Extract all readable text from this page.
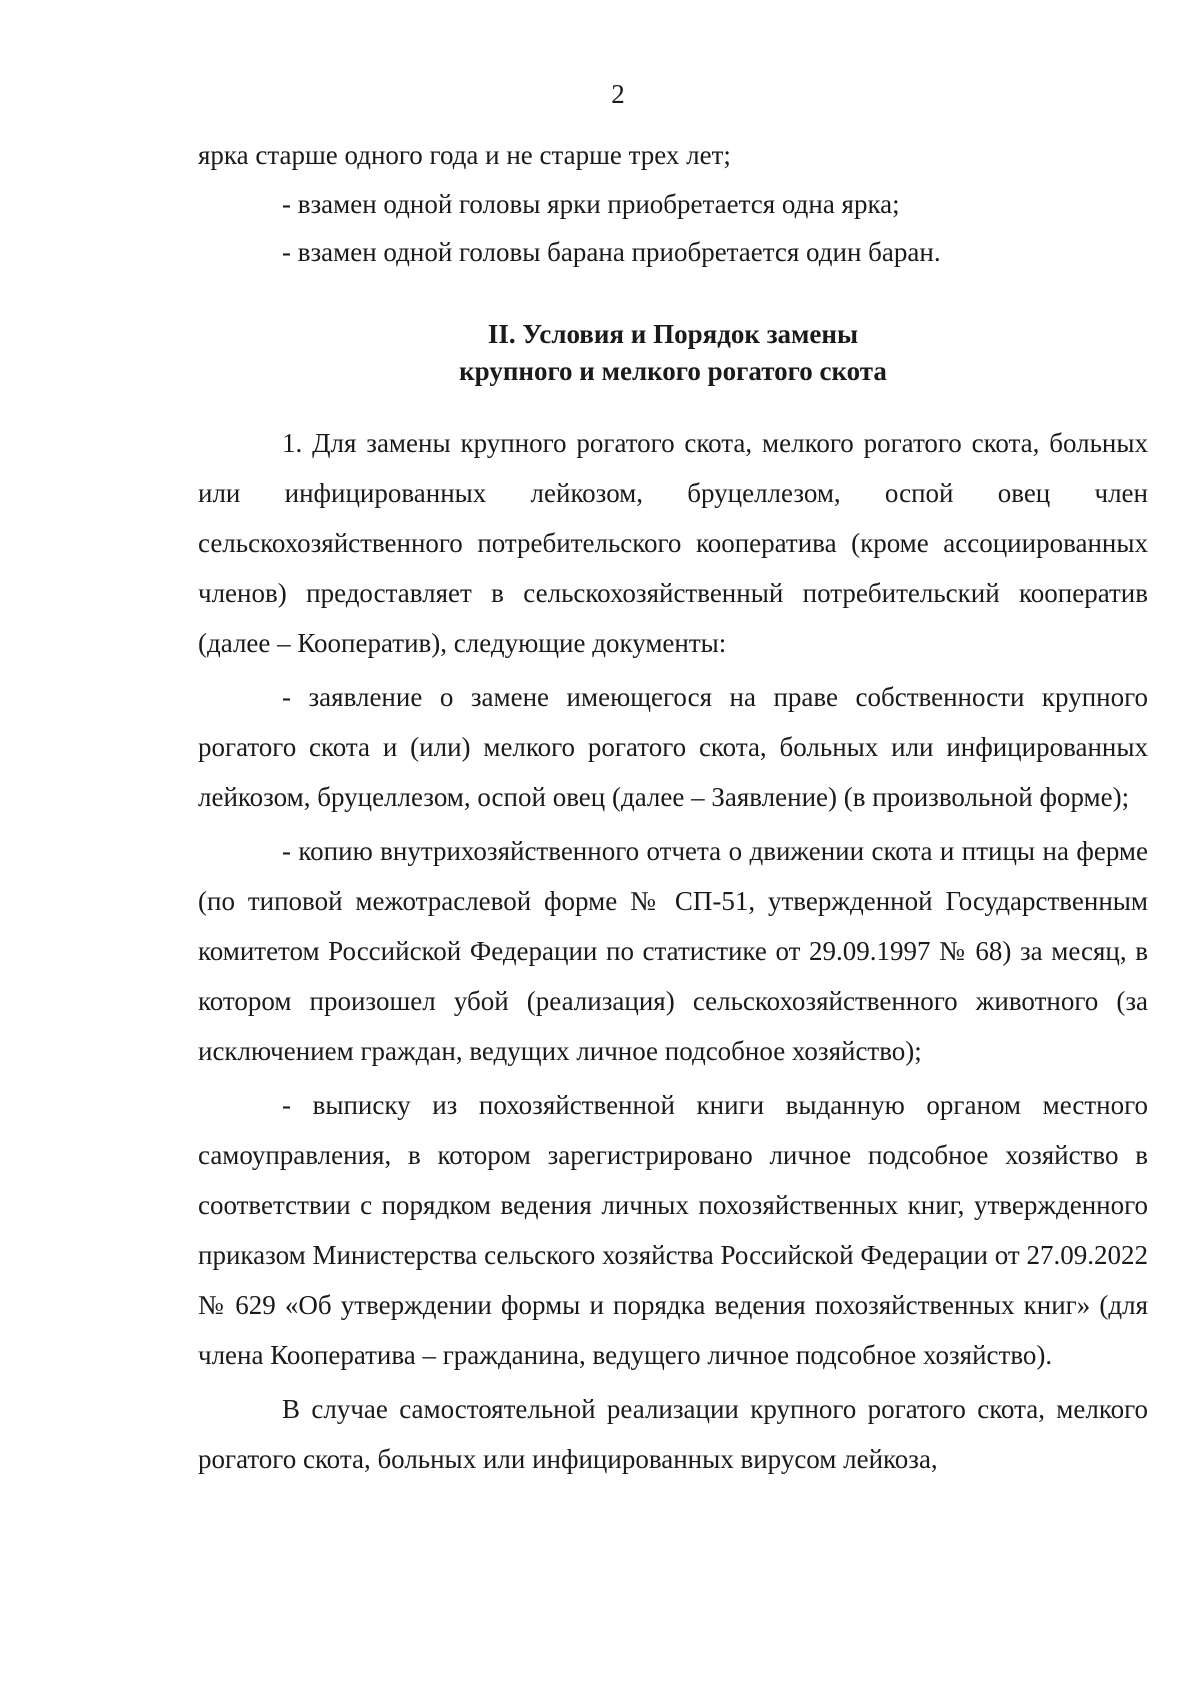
2

ярка старше одного года и не старше трех лет;

- взамен одной головы ярки приобретается одна ярка;

- взамен одной головы барана приобретается один баран.

II. Условия и Порядок замены
крупного и мелкого рогатого скота

1. Для замены крупного рогатого скота, мелкого рогатого скота, больных или инфицированных лейкозом, бруцеллезом, оспой овец член сельскохозяйственного потребительского кооператива (кроме ассоциированных членов) предоставляет в сельскохозяйственный потребительский кооператив (далее – Кооператив), следующие документы:

- заявление о замене имеющегося на праве собственности крупного рогатого скота и (или) мелкого рогатого скота, больных или инфицированных лейкозом, бруцеллезом, оспой овец (далее – Заявление) (в произвольной форме);

- копию внутрихозяйственного отчета о движении скота и птицы на ферме (по типовой межотраслевой форме № СП-51, утвержденной Государственным комитетом Российской Федерации по статистике от 29.09.1997 № 68) за месяц, в котором произошел убой (реализация) сельскохозяйственного животного (за исключением граждан, ведущих личное подсобное хозяйство);

- выписку из похозяйственной книги выданную органом местного самоуправления, в котором зарегистрировано личное подсобное хозяйство в соответствии с порядком ведения личных похозяйственных книг, утвержденного приказом Министерства сельского хозяйства Российской Федерации от 27.09.2022 № 629 «Об утверждении формы и порядка ведения похозяйственных книг» (для члена Кооператива – гражданина, ведущего личное подсобное хозяйство).

В случае самостоятельной реализации крупного рогатого скота, мелкого рогатого скота, больных или инфицированных вирусом лейкоза,
